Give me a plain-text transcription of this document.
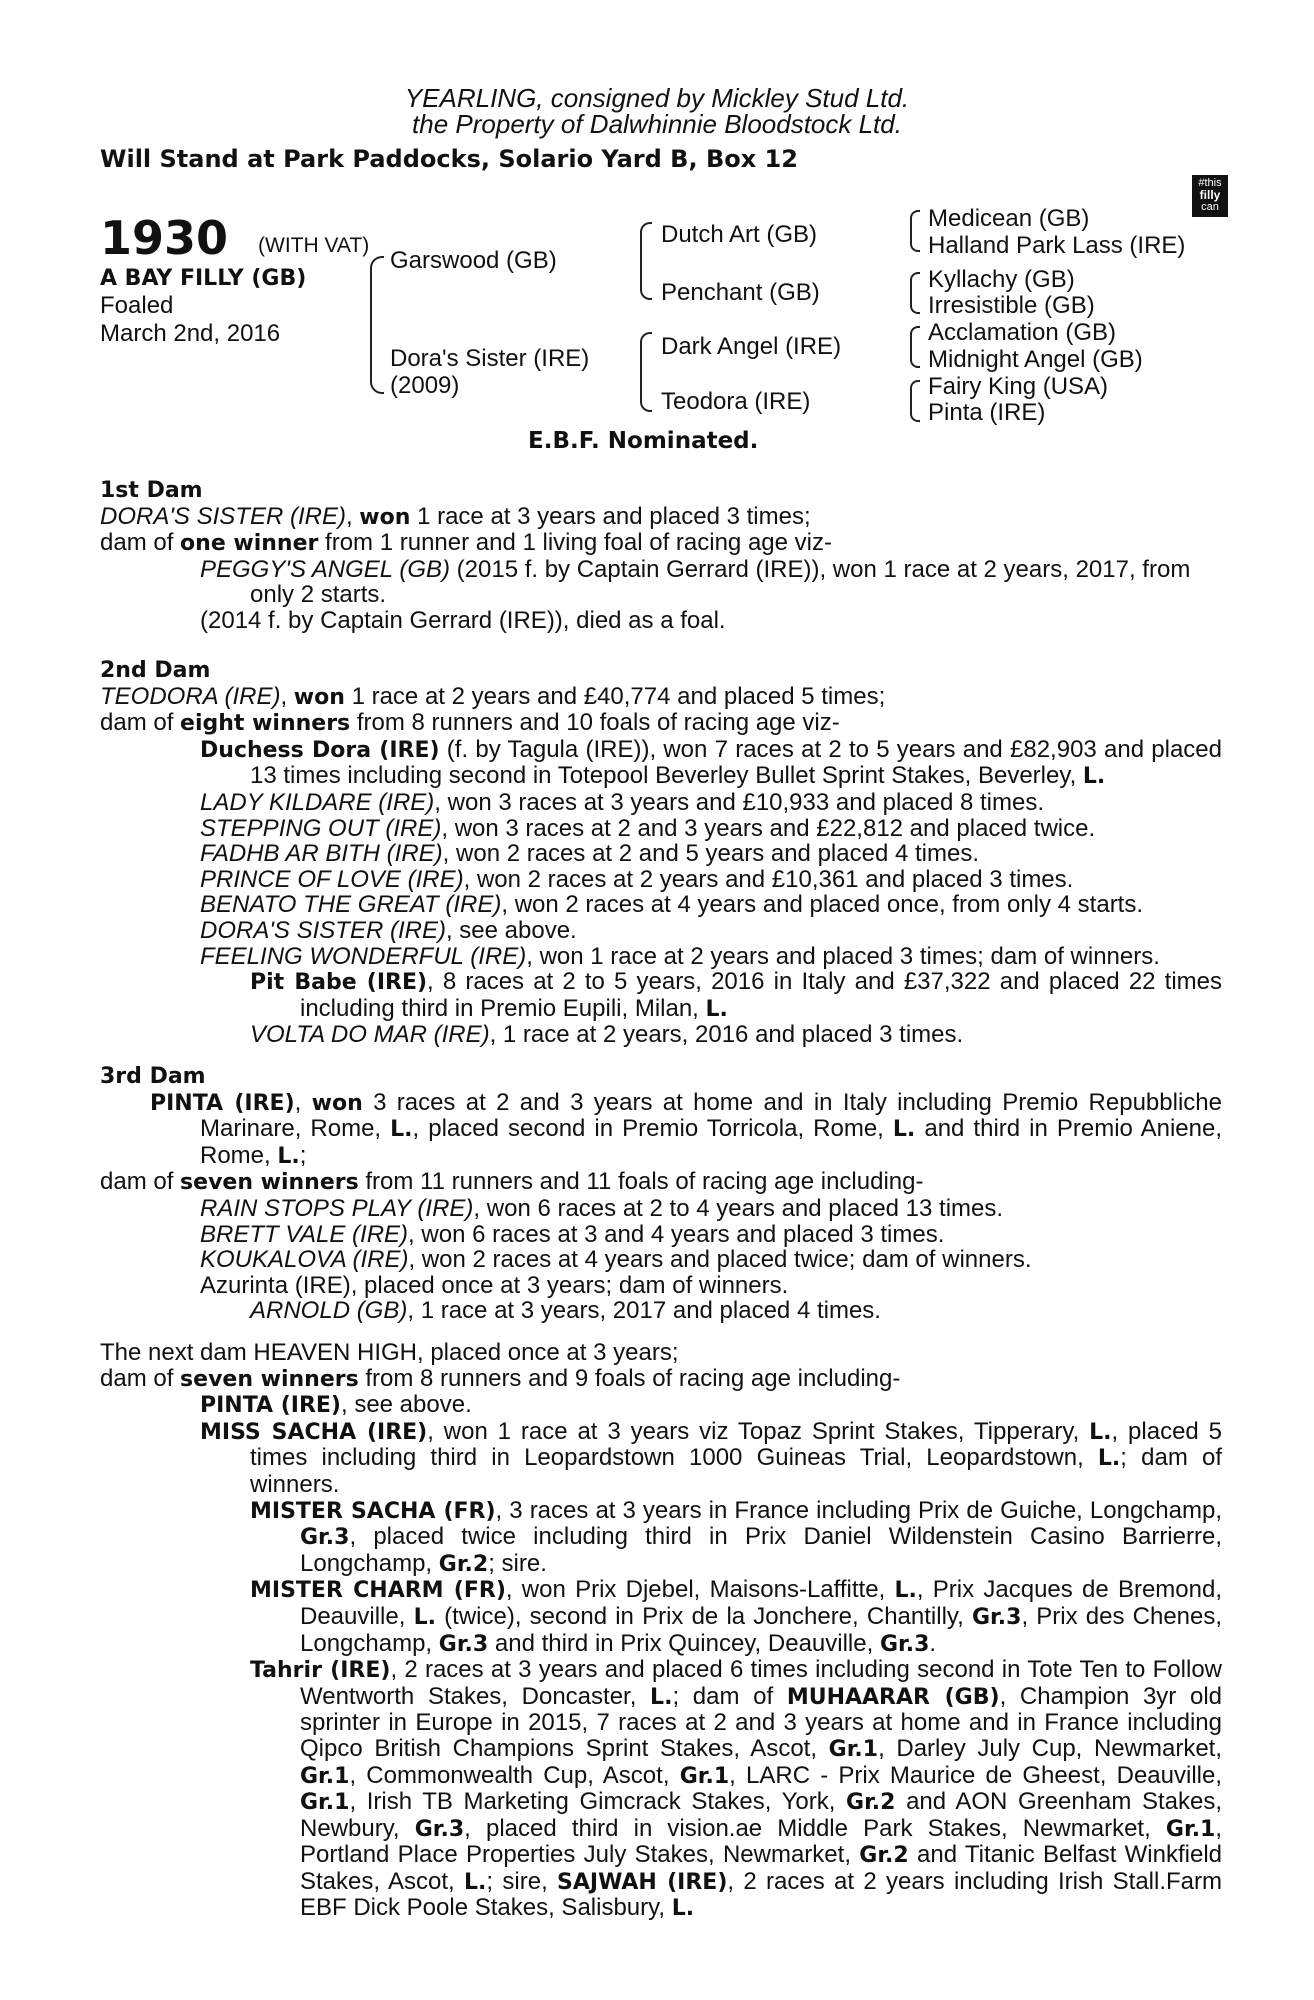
YEARLING, consigned by Mickley Stud Ltd.
the Property of Dalwhinnie Bloodstock Ltd.
Will Stand at Park Paddocks, Solario Yard B, Box 12
#this
filly
can
1930 (WITH VAT)
A BAY FILLY (GB)
Foaled
March 2nd, 2016
Garswood (GB)
Dora's Sister (IRE)
(2009)
Dutch Art (GB)
Penchant (GB)
Dark Angel (IRE)
Teodora (IRE)
Medicean (GB)
Halland Park Lass (IRE)
Kyllachy (GB)
Irresistible (GB)
Acclamation (GB)
Midnight Angel (GB)
Fairy King (USA)
Pinta (IRE)
E.B.F. Nominated.

1st Dam

DORA'S SISTER (IRE), won 1 race at 3 years and placed 3 times;

dam of one winner from 1 runner and 1 living foal of racing age viz-

PEGGY'S ANGEL (GB) (2015 f. by Captain Gerrard (IRE)), won 1 race at 2 years, 2017, from only 2 starts.

(2014 f. by Captain Gerrard (IRE)), died as a foal.

2nd Dam

TEODORA (IRE), won 1 race at 2 years and £40,774 and placed 5 times;

dam of eight winners from 8 runners and 10 foals of racing age viz-

Duchess Dora (IRE) (f. by Tagula (IRE)), won 7 races at 2 to 5 years and £82,903 and placed 13 times including second in Totepool Beverley Bullet Sprint Stakes, Beverley, L.

LADY KILDARE (IRE), won 3 races at 3 years and £10,933 and placed 8 times.

STEPPING OUT (IRE), won 3 races at 2 and 3 years and £22,812 and placed twice.

FADHB AR BITH (IRE), won 2 races at 2 and 5 years and placed 4 times.

PRINCE OF LOVE (IRE), won 2 races at 2 years and £10,361 and placed 3 times.

BENATO THE GREAT (IRE), won 2 races at 4 years and placed once, from only 4 starts.

DORA'S SISTER (IRE), see above.

FEELING WONDERFUL (IRE), won 1 race at 2 years and placed 3 times; dam of winners.

Pit Babe (IRE), 8 races at 2 to 5 years, 2016 in Italy and £37,322 and placed 22 times including third in Premio Eupili, Milan, L.

VOLTA DO MAR (IRE), 1 race at 2 years, 2016 and placed 3 times.

3rd Dam

PINTA (IRE), won 3 races at 2 and 3 years at home and in Italy including Premio Repubbliche Marinare, Rome, L., placed second in Premio Torricola, Rome, L. and third in Premio Aniene, Rome, L.;

dam of seven winners from 11 runners and 11 foals of racing age including-

RAIN STOPS PLAY (IRE), won 6 races at 2 to 4 years and placed 13 times.

BRETT VALE (IRE), won 6 races at 3 and 4 years and placed 3 times.

KOUKALOVA (IRE), won 2 races at 4 years and placed twice; dam of winners.

Azurinta (IRE), placed once at 3 years; dam of winners.

ARNOLD (GB), 1 race at 3 years, 2017 and placed 4 times.

The next dam HEAVEN HIGH, placed once at 3 years;

dam of seven winners from 8 runners and 9 foals of racing age including-

PINTA (IRE), see above.

MISS SACHA (IRE), won 1 race at 3 years viz Topaz Sprint Stakes, Tipperary, L., placed 5 times including third in Leopardstown 1000 Guineas Trial, Leopardstown, L.; dam of winners.

MISTER SACHA (FR), 3 races at 3 years in France including Prix de Guiche, Longchamp, Gr.3, placed twice including third in Prix Daniel Wildenstein Casino Barrierre, Longchamp, Gr.2; sire.

MISTER CHARM (FR), won Prix Djebel, Maisons-Laffitte, L., Prix Jacques de Bremond, Deauville, L. (twice), second in Prix de la Jonchere, Chantilly, Gr.3, Prix des Chenes, Longchamp, Gr.3 and third in Prix Quincey, Deauville, Gr.3.

Tahrir (IRE), 2 races at 3 years and placed 6 times including second in Tote Ten to Follow Wentworth Stakes, Doncaster, L.; dam of MUHAARAR (GB), Champion 3yr old sprinter in Europe in 2015, 7 races at 2 and 3 years at home and in France including Qipco British Champions Sprint Stakes, Ascot, Gr.1, Darley July Cup, Newmarket, Gr.1, Commonwealth Cup, Ascot, Gr.1, LARC - Prix Maurice de Gheest, Deauville, Gr.1, Irish TB Marketing Gimcrack Stakes, York, Gr.2 and AON Greenham Stakes, Newbury, Gr.3, placed third in vision.ae Middle Park Stakes, Newmarket, Gr.1, Portland Place Properties July Stakes, Newmarket, Gr.2 and Titanic Belfast Winkfield Stakes, Ascot, L.; sire, SAJWAH (IRE), 2 races at 2 years including Irish Stall.Farm EBF Dick Poole Stakes, Salisbury, L.
